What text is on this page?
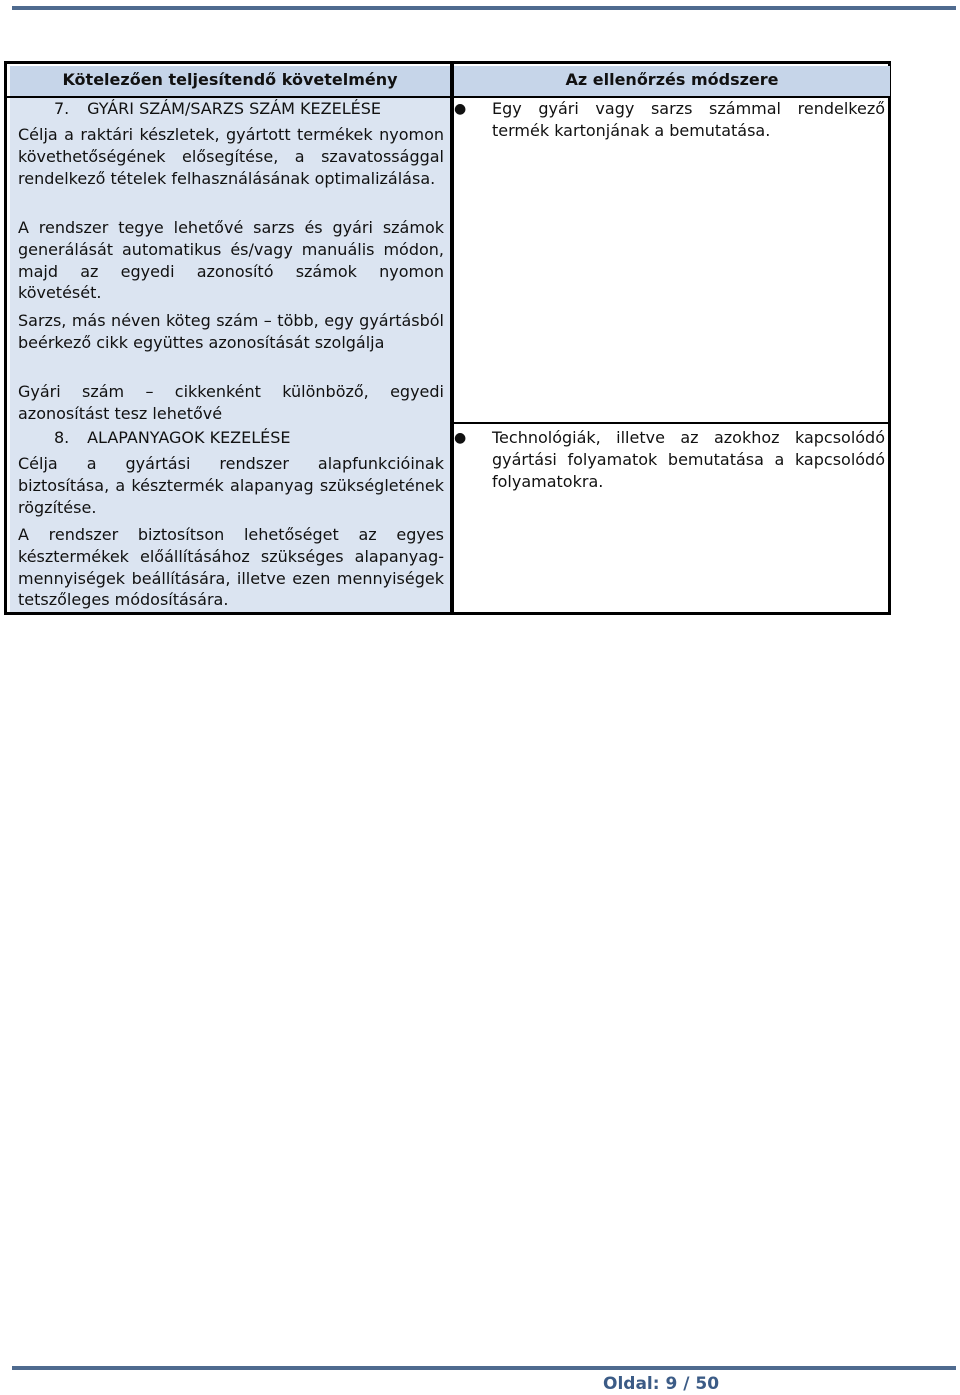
Kötelezően teljesítendő követelmény	Az ellenőrzés módszere
7. GYÁRI SZÁM/SARZS SZÁM KEZELÉSE
Célja a raktári készletek, gyártott termékek nyomon követhetőségének elősegítése, a szavatossággal rendelkező tételek felhasználásának optimalizálása.
A rendszer tegye lehetővé sarzs és gyári számok generálását automatikus és/vagy manuális módon, majd az egyedi azonosító számok nyomon követését.
Sarzs, más néven köteg szám – több, egy gyártásból beérkező cikk együttes azonosítását szolgálja
Gyári szám – cikkenként különböző, egyedi azonosítást tesz lehetővé
8. ALAPANYAGOK KEZELÉSE
Célja a gyártási rendszer alapfunkcióinak biztosítása, a késztermék alapanyag szükségletének rögzítése.
A rendszer biztosítson lehetőséget az egyes késztermékek előállításához szükséges alapanyag-mennyiségek beállítására, illetve ezen mennyiségek tetszőleges módosítására.
● Egy gyári vagy sarzs számmal rendelkező termék kartonjának a bemutatása.
● Technológiák, illetve az azokhoz kapcsolódó gyártási folyamatok bemutatása a kapcsolódó folyamatokra.
Oldal: 9 / 50
